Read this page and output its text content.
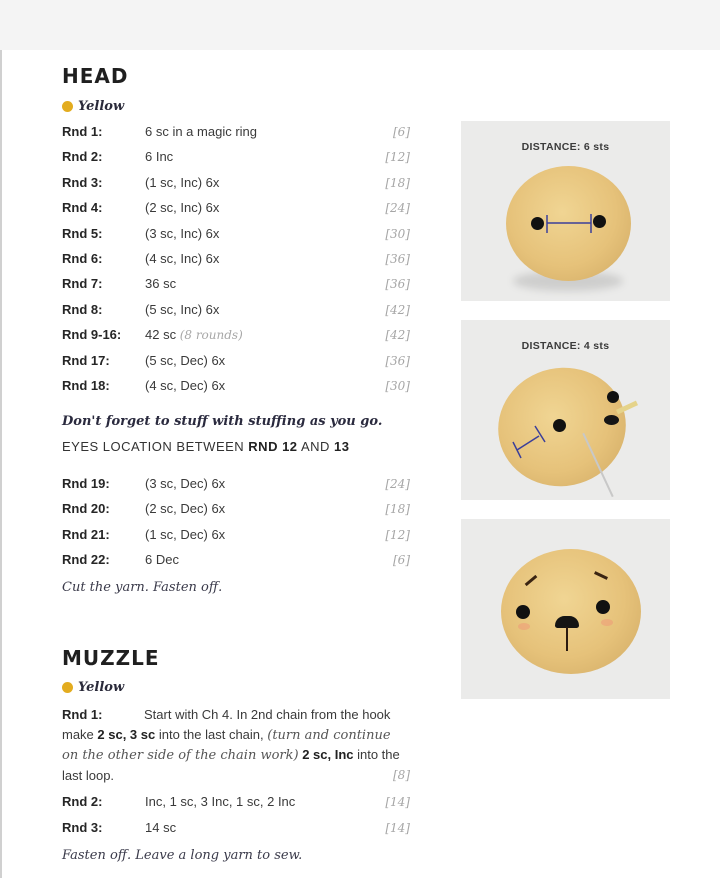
HEAD
Yellow
Rnd 1:	6 sc in a magic ring	[6]
Rnd 2:	6 Inc	[12]
Rnd 3:	(1 sc, Inc) 6x	[18]
Rnd 4:	(2 sc, Inc) 6x	[24]
Rnd 5:	(3 sc, Inc) 6x	[30]
Rnd 6:	(4 sc, Inc) 6x	[36]
Rnd 7:	36 sc	[36]
Rnd 8:	(5 sc, Inc) 6x	[42]
Rnd 9-16: 42 sc (8 rounds)	[42]
Rnd 17:	(5 sc, Dec) 6x	[36]
Rnd 18:	(4 sc, Dec) 6x	[30]
Don't forget to stuff with stuffing as you go.
EYES LOCATION BETWEEN RND 12 AND 13
Rnd 19:	(3 sc, Dec) 6x	[24]
Rnd 20:	(2 sc, Dec) 6x	[18]
Rnd 21:	(1 sc, Dec) 6x	[12]
Rnd 22:	6 Dec	[6]
Cut the yarn. Fasten off.
MUZZLE
Yellow
Rnd 1:	Start with Ch 4. In 2nd chain from the hook make 2 sc, 3 sc into the last chain, (turn and continue on the other side of the chain work) 2 sc, Inc into the last loop.	[8]
Rnd 2:	Inc, 1 sc, 3 Inc, 1 sc, 2 Inc	[14]
Rnd 3:	14 sc	[14]
Fasten off. Leave a long yarn to sew.
DISTANCE: 6 sts
DISTANCE: 4 sts
